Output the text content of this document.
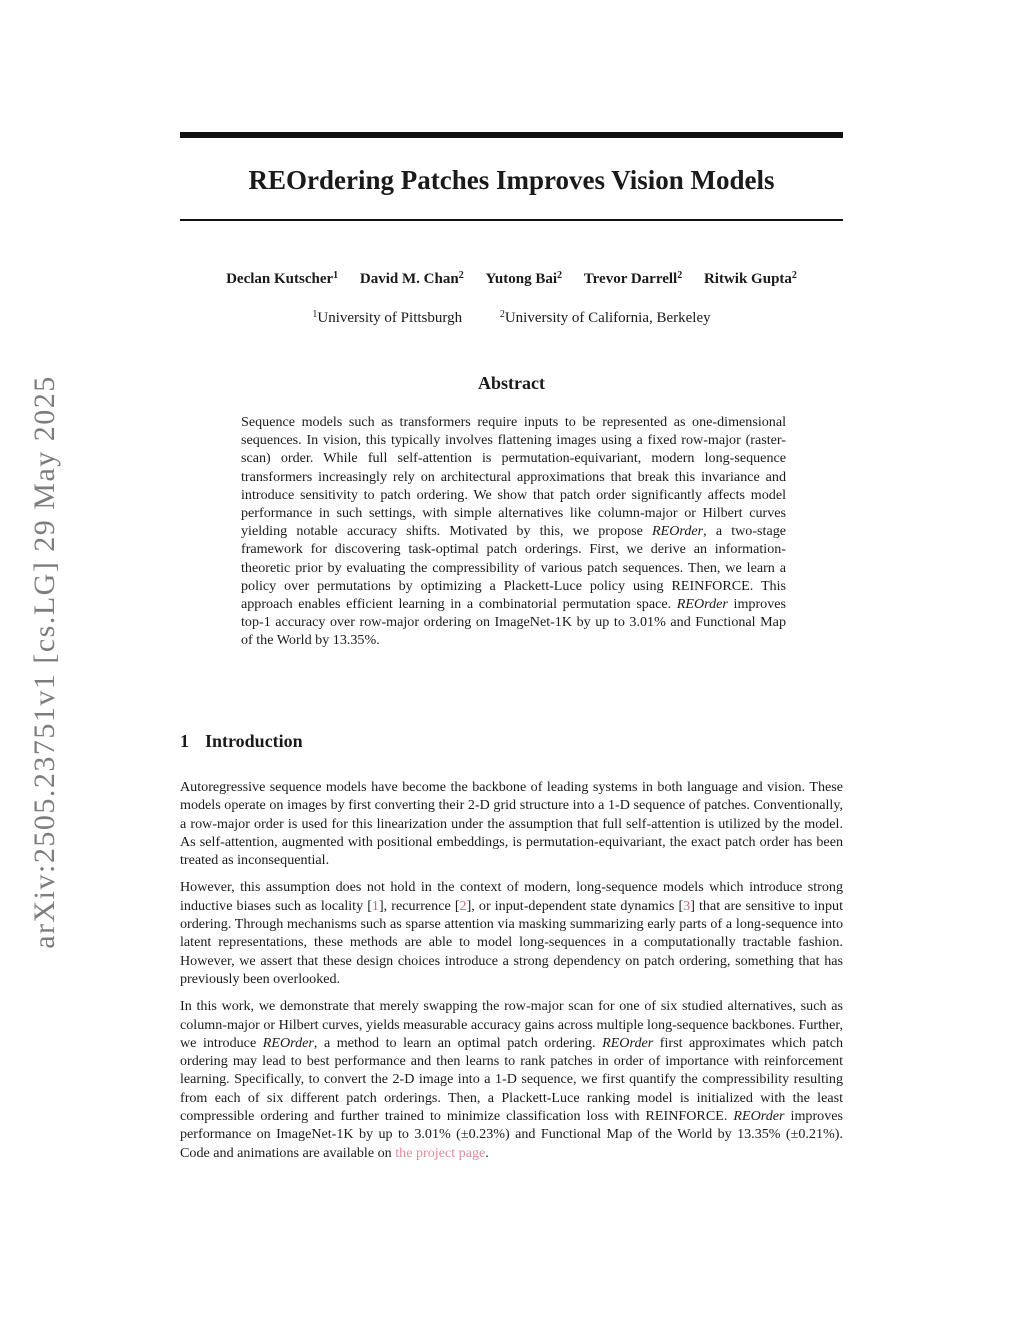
arXiv:2505.23751v1 [cs.LG] 29 May 2025
REOrdering Patches Improves Vision Models
Declan Kutscher$^1$ David M. Chan$^2$ Yutong Bai$^2$ Trevor Darrell$^2$ Ritwik Gupta$^2$
$^1$University of Pittsburgh	$^2$University of California, Berkeley
Abstract
Sequence models such as transformers require inputs to be represented as one-dimensional sequences. In vision, this typically involves flattening images using a fixed row-major (raster-scan) order. While full self-attention is permutation-equivariant, modern long-sequence transformers increasingly rely on architectural approximations that break this invariance and introduce sensitivity to patch ordering. We show that patch order significantly affects model performance in such settings, with simple alternatives like column-major or Hilbert curves yielding notable accuracy shifts. Motivated by this, we propose REOrder, a two-stage framework for discovering task-optimal patch orderings. First, we derive an information-theoretic prior by evaluating the compressibility of various patch sequences. Then, we learn a policy over permutations by optimizing a Plackett-Luce policy using REINFORCE. This approach enables efficient learning in a combinatorial permutation space. REOrder improves top-1 accuracy over row-major ordering on ImageNet-1K by up to 3.01% and Functional Map of the World by 13.35%.
1 Introduction

Autoregressive sequence models have become the backbone of leading systems in both language and vision. These models operate on images by first converting their 2-D grid structure into a 1-D sequence of patches. Conventionally, a row-major order is used for this linearization under the assumption that full self-attention is utilized by the model. As self-attention, augmented with positional embeddings, is permutation-equivariant, the exact patch order has been treated as inconsequential.

However, this assumption does not hold in the context of modern, long-sequence models which introduce strong inductive biases such as locality [1], recurrence [2], or input-dependent state dynamics [3] that are sensitive to input ordering. Through mechanisms such as sparse attention via masking summarizing early parts of a long-sequence into latent representations, these methods are able to model long-sequences in a computationally tractable fashion. However, we assert that these design choices introduce a strong dependency on patch ordering, something that has previously been overlooked.

In this work, we demonstrate that merely swapping the row-major scan for one of six studied alternatives, such as column-major or Hilbert curves, yields measurable accuracy gains across multiple long-sequence backbones. Further, we introduce REOrder, a method to learn an optimal patch ordering. REOrder first approximates which patch ordering may lead to best performance and then learns to rank patches in order of importance with reinforcement learning. Specifically, to convert the 2-D image into a 1-D sequence, we first quantify the compressibility resulting from each of six different patch orderings. Then, a Plackett-Luce ranking model is initialized with the least compressible ordering and further trained to minimize classification loss with REINFORCE. REOrder improves performance on ImageNet-1K by up to 3.01% (±0.23%) and Functional Map of the World by 13.35% (±0.21%). Code and animations are available on the project page.
